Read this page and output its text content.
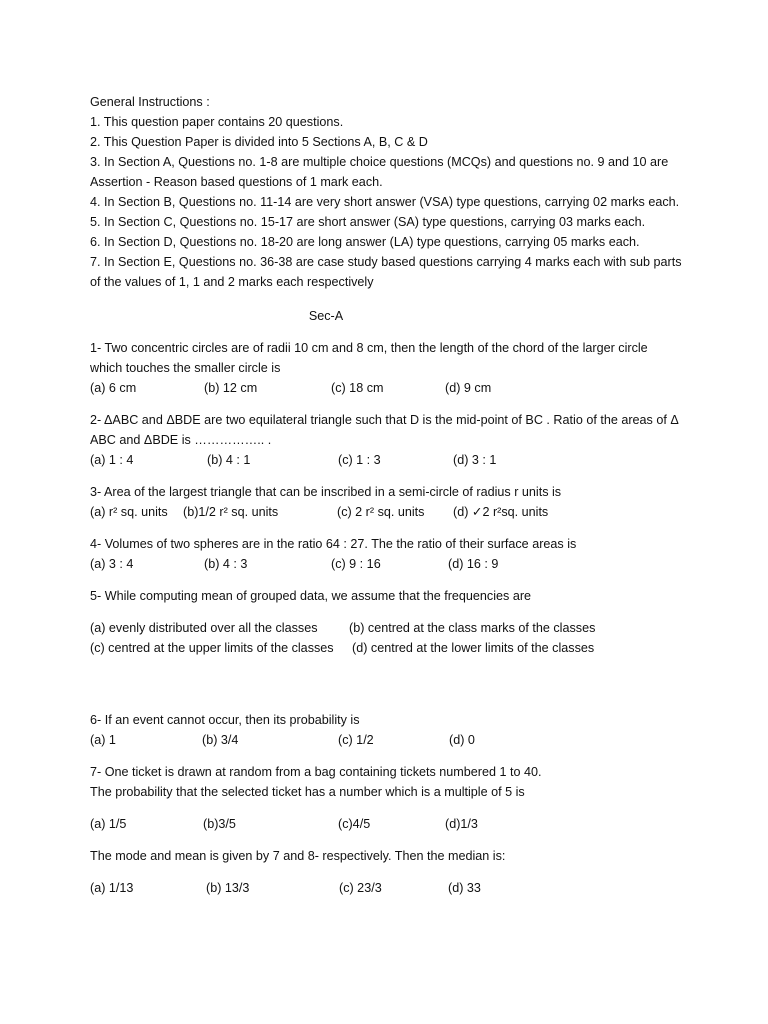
General Instructions :
1. This question paper contains 20 questions.
2. This Question Paper is divided into 5 Sections A, B, C & D
3. In Section A, Questions no. 1-8 are multiple choice questions (MCQs) and questions no. 9 and 10 are
Assertion - Reason based questions of 1 mark each.
4. In Section B, Questions no. 11-14 are very short answer (VSA) type questions, carrying 02 marks each.
5. In Section C, Questions no. 15-17 are short answer (SA) type questions, carrying 03 marks each.
6. In Section D, Questions no. 18-20 are long answer (LA) type questions, carrying 05 marks each.
7. In Section E, Questions no. 36-38 are case study based questions carrying 4 marks each with sub parts
of the values of 1, 1 and 2 marks each respectively
Sec-A
1- Two concentric circles are of radii 10 cm and 8 cm, then the length of the chord of the larger circle
which touches the smaller circle is
(a) 6 cm	(b) 12 cm	(c) 18 cm	(d) 9 cm
2- ΔABC and ΔBDE are two equilateral triangle such that D is the mid-point of BC . Ratio of the areas of Δ
ABC and ΔBDE is …………….. .
(a) 1 : 4	(b) 4 : 1	(c) 1 : 3	(d) 3 : 1
3- Area of the largest triangle that can be inscribed in a semi-circle of radius r units is
(a) r² sq. units (b)1/2 r² sq. units	(c) 2 r² sq. units (d) ✓2 r²sq. units
4- Volumes of two spheres are in the ratio 64 : 27. The the ratio of their surface areas is
(a) 3 : 4	(b) 4 : 3	(c) 9 : 16	(d) 16 : 9
5- While computing mean of grouped data, we assume that the frequencies are
(a) evenly distributed over all the classes	(b) centred at the class marks of the classes
(c) centred at the upper limits of the classes (d) centred at the lower limits of the classes
6- If an event cannot occur, then its probability is
(a) 1	(b) 3/4	(c) 1/2	(d) 0
7- One ticket is drawn at random from a bag containing tickets numbered 1 to 40.
The probability that the selected ticket has a number which is a multiple of 5 is
(a) 1/5	(b)3/5	(c)4/5	(d)1/3
The mode and mean is given by 7 and 8- respectively. Then the median is:
(a) 1/13	(b) 13/3	(c) 23/3	(d) 33
